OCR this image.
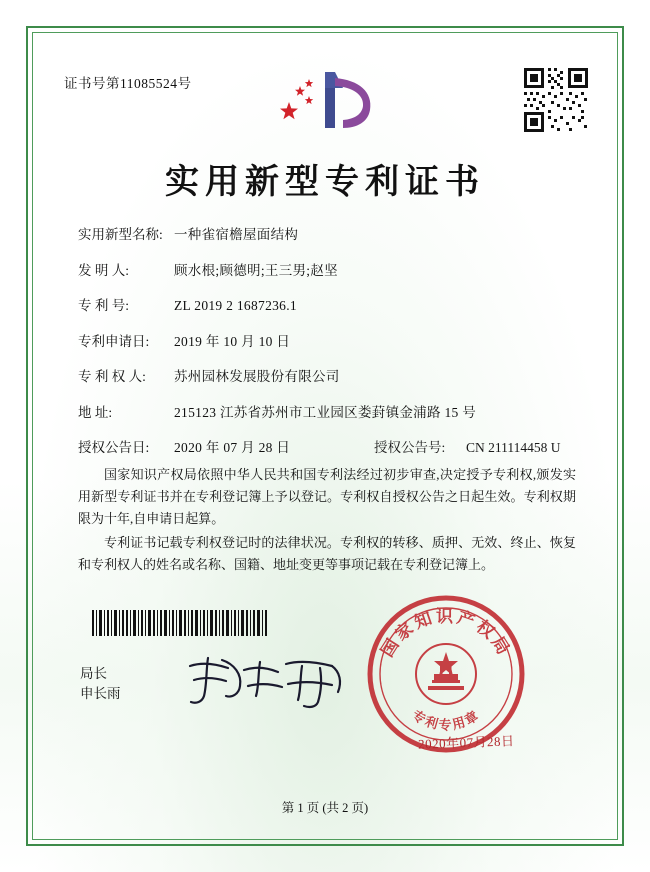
证书号第11085524号
实用新型专利证书
实用新型名称: 一种雀宿檐屋面结构
发 明 人:	顾水根;顾德明;王三男;赵坚
专 利 号:	ZL 2019 2 1687236.1
专利申请日:	2019 年 10 月 10 日
专 利 权 人:	苏州园林发展股份有限公司
地 址:	215123 江苏省苏州市工业园区娄葑镇金浦路 15 号
授权公告日:	2020 年 07 月 28 日	授权公告号:	CN 211114458 U

国家知识产权局依照中华人民共和国专利法经过初步审查,决定授予专利权,颁发实用新型专利证书并在专利登记簿上予以登记。专利权自授权公告之日起生效。专利权期限为十年,自申请日起算。

专利证书记载专利权登记时的法律状况。专利权的转移、质押、无效、终止、恢复和专利权人的姓名或名称、国籍、地址变更等事项记载在专利登记簿上。

局长
申长雨
国家知识产权局
专利专用章
2020年07月28日
第 1 页 (共 2 页)
